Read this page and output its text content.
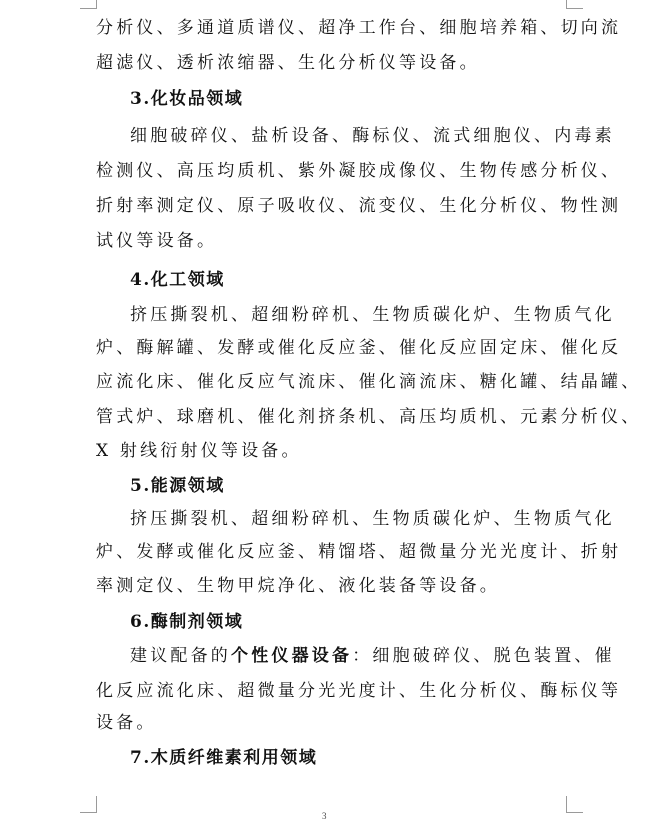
分析仪、多通道质谱仪、超净工作台、细胞培养箱、切向流
超滤仪、透析浓缩器、生化分析仪等设备。
3.化妆品领域
细胞破碎仪、盐析设备、酶标仪、流式细胞仪、内毒素
检测仪、高压均质机、紫外凝胶成像仪、生物传感分析仪、
折射率测定仪、原子吸收仪、流变仪、生化分析仪、物性测
试仪等设备。
4.化工领域
挤压撕裂机、超细粉碎机、生物质碳化炉、生物质气化
炉、酶解罐、发酵或催化反应釜、催化反应固定床、催化反
应流化床、催化反应气流床、催化滴流床、糖化罐、结晶罐、
管式炉、球磨机、催化剂挤条机、高压均质机、元素分析仪、
X 射线衍射仪等设备。
5.能源领域
挤压撕裂机、超细粉碎机、生物质碳化炉、生物质气化
炉、发酵或催化反应釜、精馏塔、超微量分光光度计、折射
率测定仪、生物甲烷净化、液化装备等设备。
6.酶制剂领域
建议配备的个性仪器设备：细胞破碎仪、脱色装置、催
化反应流化床、超微量分光光度计、生化分析仪、酶标仪等
设备。
7.木质纤维素利用领域
3
